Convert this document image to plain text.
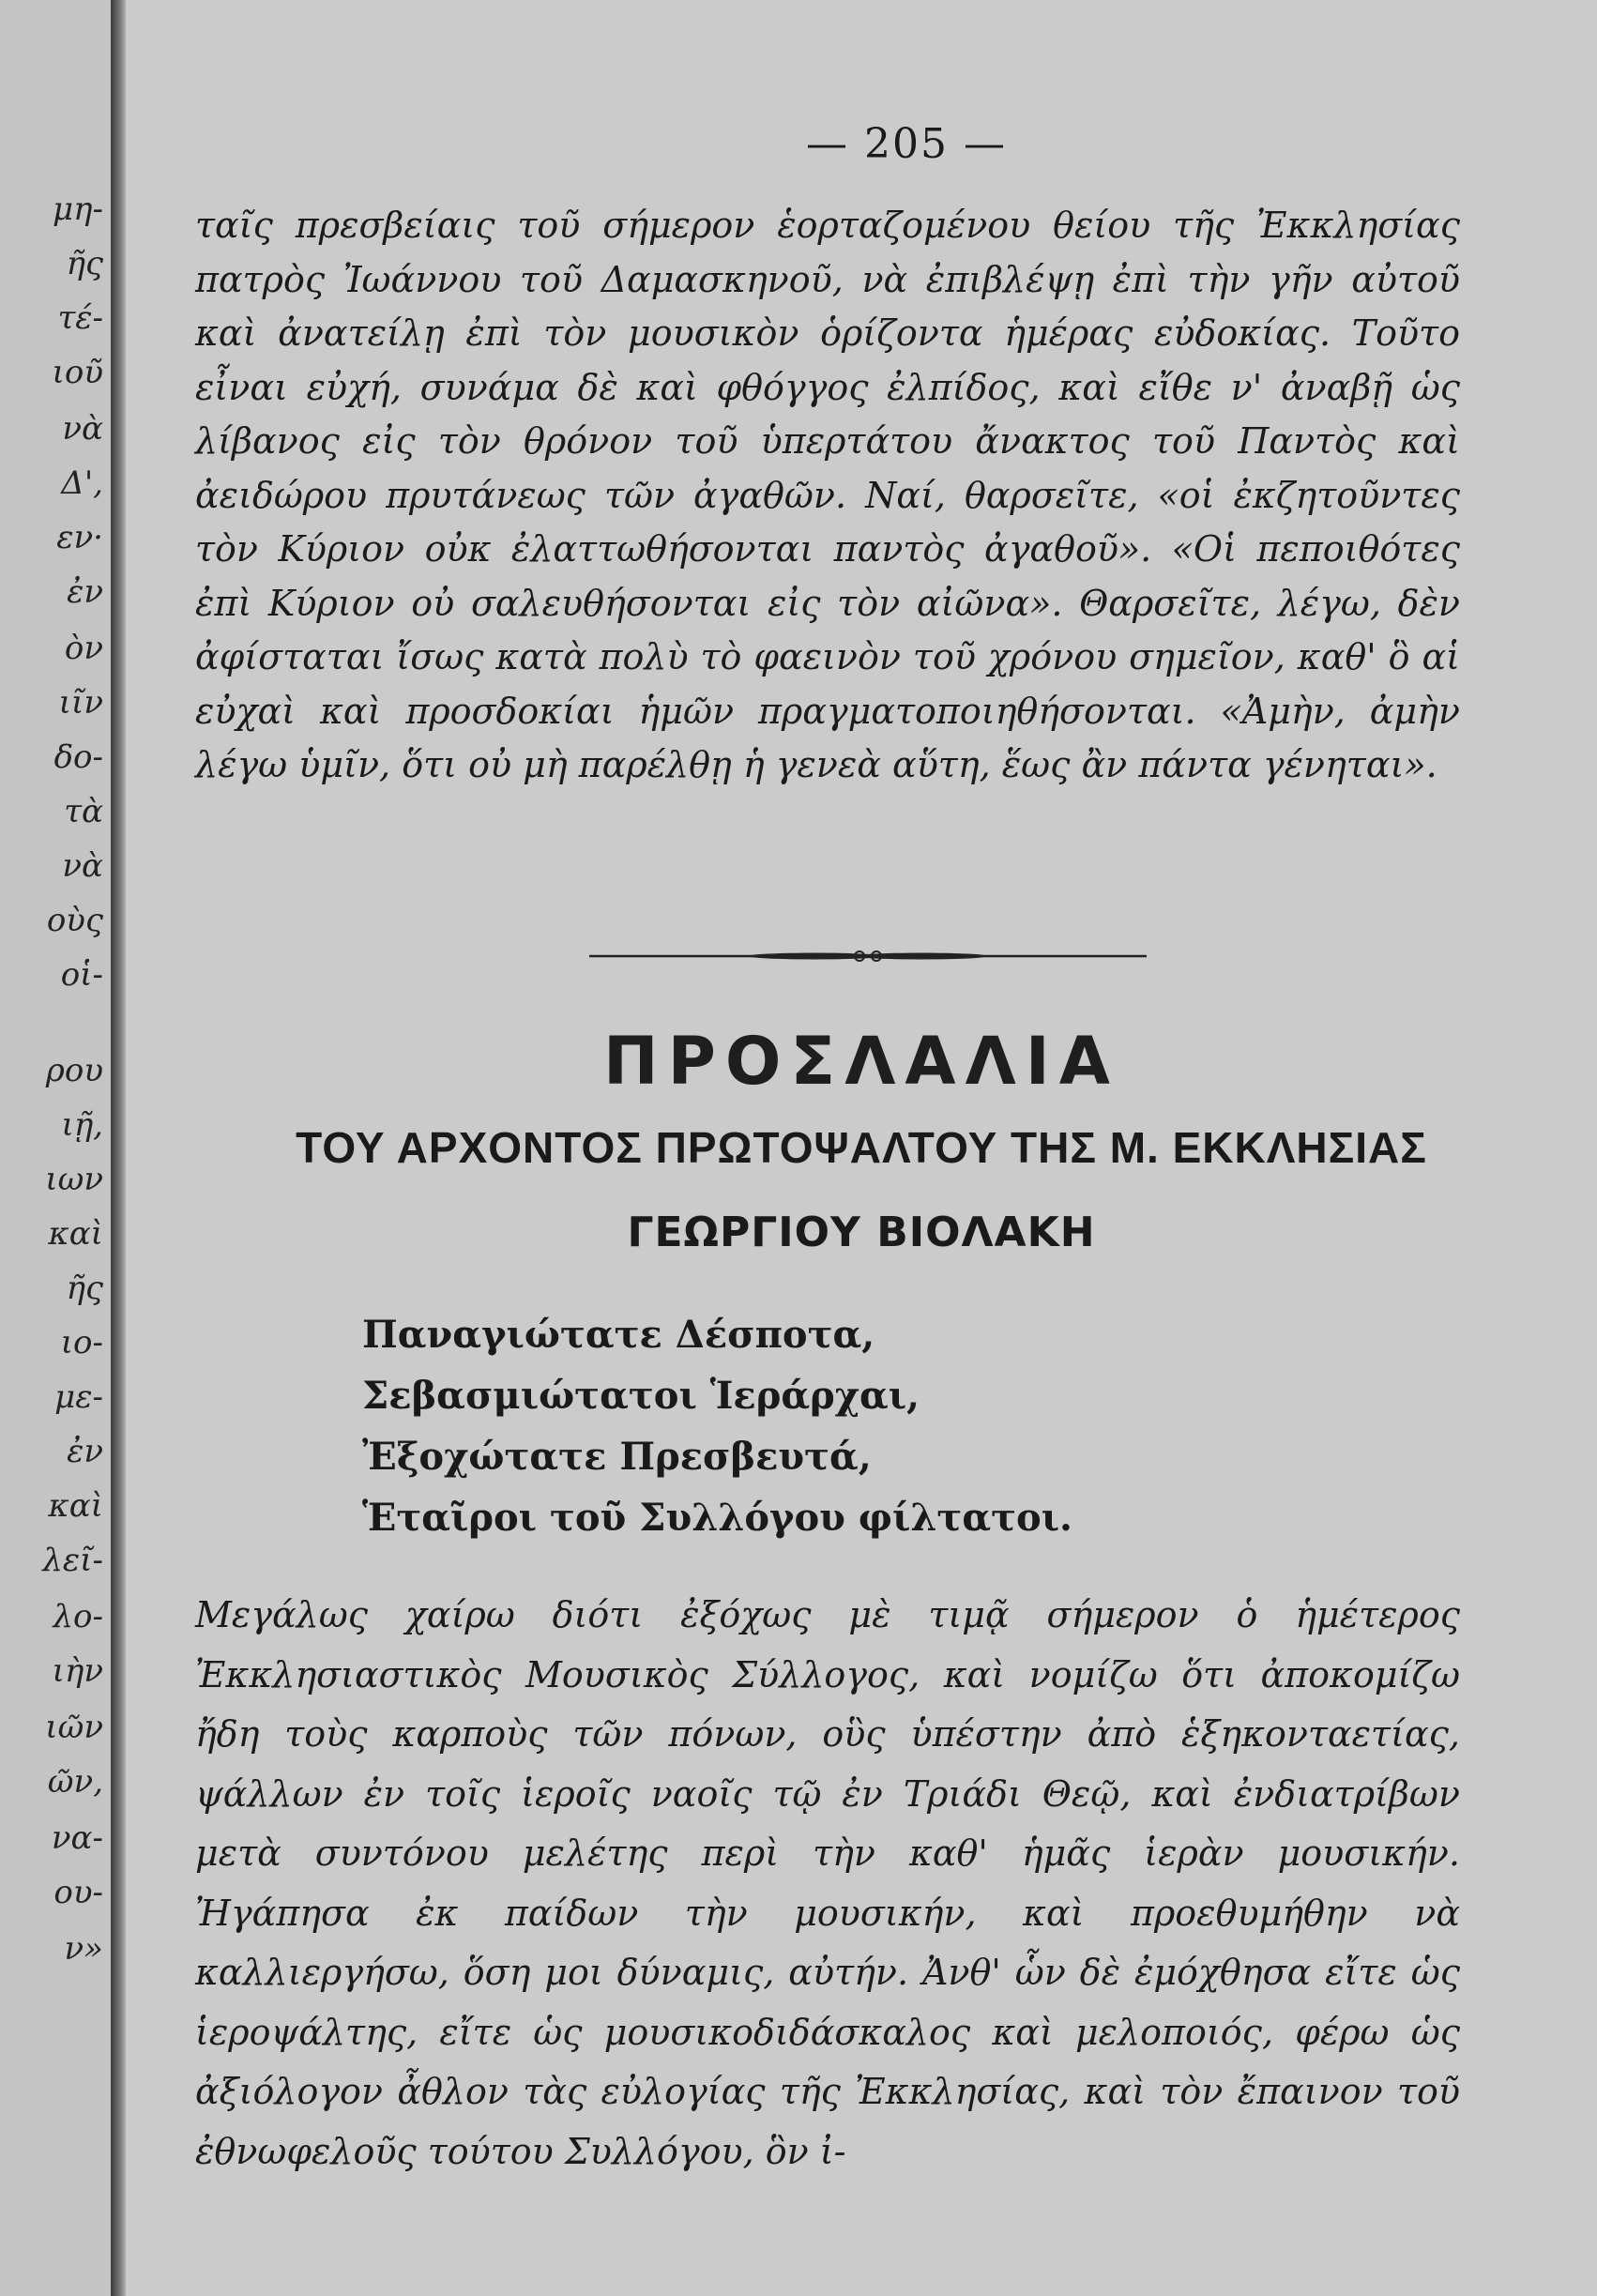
μη-
ῆς
τέ-
ιοῦ
νὰ
Δ',
εν·
ἐν
ὸν
ιῖν
δο-
τὰ
νὰ
οὺς
οἱ-
ρου
ιῇ,
ιων
καὶ
ῆς
ιο-
με-
ἐν
καὶ
λεῖ-
λο-
ιὴν
ιῶν
ῶν,
να-
ου-
ν»
— 205 —
ταῖς πρεσβείαις τοῦ σήμερον ἑορταζομένου θείου τῆς Ἐκκλησίας πατρὸς Ἰωάννου τοῦ Δαμασκηνοῦ, νὰ ἐπιβλέψῃ ἐπὶ τὴν γῆν αὐτοῦ καὶ ἀνατείλῃ ἐπὶ τὸν μουσικὸν ὁρίζοντα ἡμέρας εὐδοκίας. Τοῦτο εἶναι εὐχή, συνάμα δὲ καὶ φθόγγος ἐλπίδος, καὶ εἴθε ν' ἀναβῇ ὡς λίβανος εἰς τὸν θρόνον τοῦ ὑπερτάτου ἄνακτος τοῦ Παντὸς καὶ ἀειδώρου πρυτάνεως τῶν ἀγαθῶν. Ναί, θαρσεῖτε, «οἱ ἐκζητοῦντες τὸν Κύριον οὐκ ἐλαττωθήσονται παντὸς ἀγαθοῦ». «Οἱ πεποιθότες ἐπὶ Κύριον οὐ σαλευθήσονται εἰς τὸν αἰῶνα». Θαρσεῖτε, λέγω, δὲν ἀφίσταται ἴσως κατὰ πολὺ τὸ φαεινὸν τοῦ χρόνου σημεῖον, καθ' ὃ αἱ εὐχαὶ καὶ προσδοκίαι ἡμῶν πραγματοποιηθήσονται. «Ἀμὴν, ἀμὴν λέγω ὑμῖν, ὅτι οὐ μὴ παρέλθῃ ἡ γενεὰ αὕτη, ἕως ἂν πάντα γένηται».
ΠΡΟΣΛΑΛΙΑ
ΤΟΥ ΑΡΧΟΝΤΟΣ ΠΡΩΤΟΨΑΛΤΟΥ ΤΗΣ Μ. ΕΚΚΛΗΣΙΑΣ
ΓΕΩΡΓΙΟΥ ΒΙΟΛΑΚΗ
Παναγιώτατε Δέσποτα,
Σεβασμιώτατοι Ἱεράρχαι,
Ἐξοχώτατε Πρεσβευτά,
Ἑταῖροι τοῦ Συλλόγου φίλτατοι.
Μεγάλως χαίρω διότι ἐξόχως μὲ τιμᾷ σήμερον ὁ ἡμέτερος Ἐκκλησιαστικὸς Μουσικὸς Σύλλογος, καὶ νομίζω ὅτι ἀποκομίζω ἤδη τοὺς καρποὺς τῶν πόνων, οὓς ὑπέστην ἀπὸ ἑξηκονταετίας, ψάλλων ἐν τοῖς ἱεροῖς ναοῖς τῷ ἐν Τριάδι Θεῷ, καὶ ἐνδιατρίβων μετὰ συντόνου μελέτης περὶ τὴν καθ' ἡμᾶς ἱερὰν μουσικήν. Ἠγάπησα ἐκ παίδων τὴν μουσικήν, καὶ προεθυμήθην νὰ καλλιεργήσω, ὅση μοι δύναμις, αὐτήν. Ἀνθ' ὧν δὲ ἐμόχθησα εἴτε ὡς ἱεροψάλτης, εἴτε ὡς μουσικοδιδάσκαλος καὶ μελοποιός, φέρω ὡς ἀξιόλογον ἆθλον τὰς εὐλογίας τῆς Ἐκκλησίας, καὶ τὸν ἔπαινον τοῦ ἐθνωφελοῦς τούτου Συλλόγου, ὃν ἰ-
